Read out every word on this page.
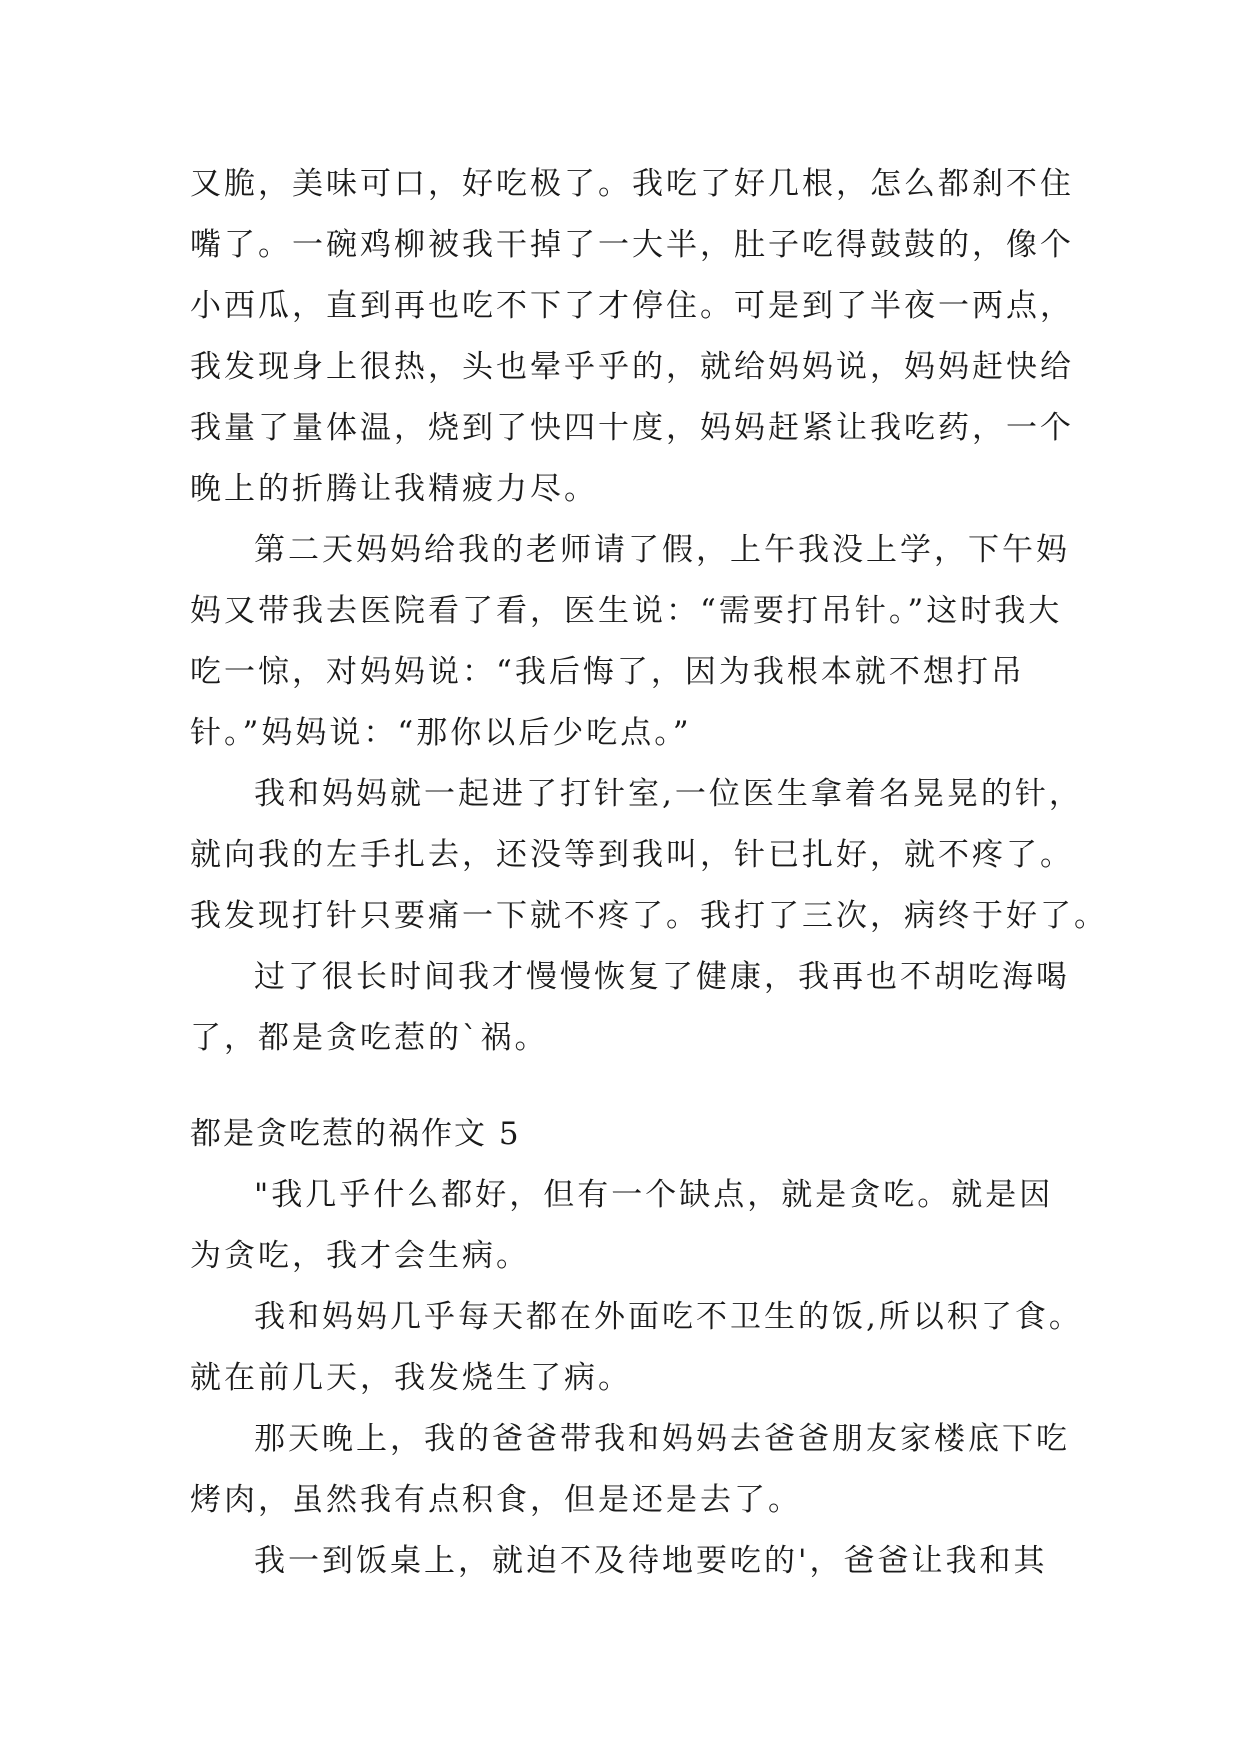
又脆，美味可口，好吃极了。我吃了好几根，怎么都刹不住
嘴了。一碗鸡柳被我干掉了一大半，肚子吃得鼓鼓的，像个
小西瓜，直到再也吃不下了才停住。可是到了半夜一两点，
我发现身上很热，头也晕乎乎的，就给妈妈说，妈妈赶快给
我量了量体温，烧到了快四十度，妈妈赶紧让我吃药，一个
晚上的折腾让我精疲力尽。
第二天妈妈给我的老师请了假，上午我没上学，下午妈
妈又带我去医院看了看，医生说：“需要打吊针。”这时我大
吃一惊，对妈妈说：“我后悔了，因为我根本就不想打吊
针。”妈妈说：“那你以后少吃点。”
我和妈妈就一起进了打针室,一位医生拿着名晃晃的针，
就向我的左手扎去，还没等到我叫，针已扎好，就不疼了。
我发现打针只要痛一下就不疼了。我打了三次，病终于好了。
过了很长时间我才慢慢恢复了健康，我再也不胡吃海喝
了，都是贪吃惹的`祸。
都是贪吃惹的祸作文 5
"我几乎什么都好，但有一个缺点，就是贪吃。就是因
为贪吃，我才会生病。
我和妈妈几乎每天都在外面吃不卫生的饭,所以积了食。
就在前几天，我发烧生了病。
那天晚上，我的爸爸带我和妈妈去爸爸朋友家楼底下吃
烤肉，虽然我有点积食，但是还是去了。
我一到饭桌上，就迫不及待地要吃的'，爸爸让我和其
